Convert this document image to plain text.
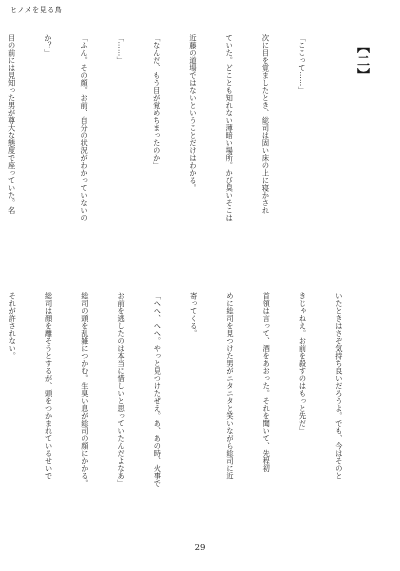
ヒノメを見る鳥
【二】

「ここって……」

次に目を覚ましたとき、総司は固い床の上に寝かされ

ていた。どことも知れない薄暗い場所。かび臭いそこは

近藤の道場ではないということだけはわかる。

「なんだ、もう目が覚めちまったのか」

「……」

「ふん。その顔。お前、自分の状況がわかっていないの

か？」

目の前には見知った男が尊大な態度で座っていた。名

いたときはさぞ気持ち良いだろうよ。でも、今はそのと

きじゃねえ。お前を殺すのはもっと先だ」

首領は言って、酒をあおった。それを聞いて、先程初

めに総司を見つけた男がニタニタと笑いながら総司に近

寄ってくる。

「へへ、へへ。やっと見つけたぜえ。あ、あの時、火事で

お前を逃したのは本当に惜しいと思っていたんだよなあ」

総司の頭を乱雑につかむ。生臭い息が総司の顔にかかる。

総司は顔を離そうとするが、頭をつかまれているせいで

それが許されない。

29
